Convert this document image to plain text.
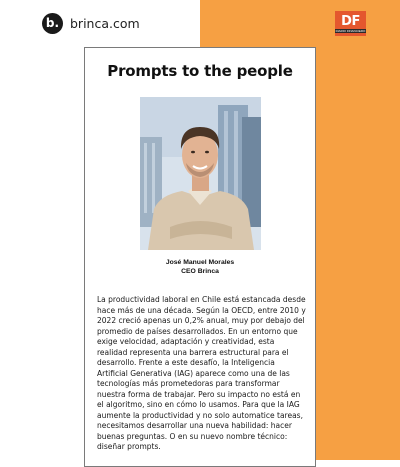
b. brinca.com	DF
DIARIO FINANCIERO
Prompts to the people
José Manuel Morales
CEO Brinca
La productividad laboral en Chile está estancada desde hace más de una década. Según la OECD, entre 2010 y 2022 creció apenas un 0,2% anual, muy por debajo del promedio de países desarrollados. En un entorno que exige velocidad, adaptación y creatividad, esta realidad representa una barrera estructural para el desarrollo. Frente a este desafío, la Inteligencia Artificial Generativa (IAG) aparece como una de las tecnologías más prometedoras para transformar nuestra forma de trabajar. Pero su impacto no está en el algoritmo, sino en cómo lo usamos. Para que la IAG aumente la productividad y no solo automatice tareas, necesitamos desarrollar una nueva habilidad: hacer buenas preguntas. O en su nuevo nombre técnico: diseñar prompts.
